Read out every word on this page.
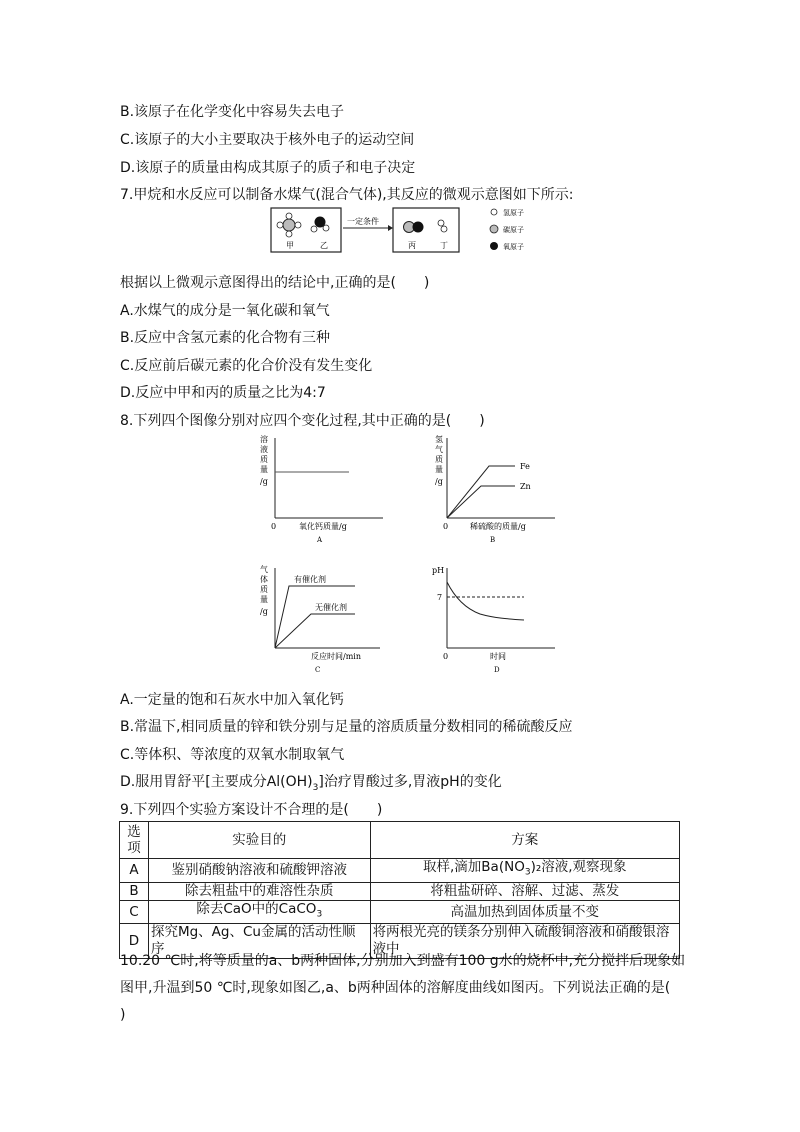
B.该原子在化学变化中容易失去电子
C.该原子的大小主要取决于核外电子的运动空间
D.该原子的质量由构成其原子的质子和电子决定
7.甲烷和水反应可以制备水煤气(混合气体),其反应的微观示意图如下所示:
甲	乙
一定条件
丙	丁
氢原子
碳原子
氧原子
根据以上微观示意图得出的结论中,正确的是(　　)
A.水煤气的成分是一氧化碳和氧气
B.反应中含氢元素的化合物有三种
C.反应前后碳元素的化合价没有发生变化
D.反应中甲和丙的质量之比为4:7
8.下列四个图像分别对应四个变化过程,其中正确的是(　　)
溶 液 质 量 /g
0	氧化钙质量/g
A
氢 气 质 量 /g
Fe
Zn
0	稀硫酸的质量/g
B
气 体 质 量 /g
有催化剂
无催化剂
反应时间/min
C
pH
7
0	时间
D
A.一定量的饱和石灰水中加入氧化钙
B.常温下,相同质量的锌和铁分别与足量的溶质质量分数相同的稀硫酸反应
C.等体积、等浓度的双氧水制取氧气
D.服用胃舒平[主要成分$Al(OH)_3$]治疗胃酸过多,胃液pH的变化
9.下列四个实验方案设计不合理的是(　　)
选项	实验目的	方案
A	鉴别硝酸钠溶液和硫酸钾溶液	取样,滴加$Ba(NO_3)_2$溶液,观察现象
B	除去粗盐中的难溶性杂质	将粗盐研碎、溶解、过滤、蒸发
C	除去CaO中的CaCO$_3$	高温加热到固体质量不变
D	探究Mg、Ag、Cu金属的活动性顺序	将两根光亮的镁条分别伸入硫酸铜溶液和硝酸银溶液中
10.20 ℃时,将等质量的a、b两种固体,分别加入到盛有100 g水的烧杯中,充分搅拌后现象如
图甲,升温到50 ℃时,现象如图乙,a、b两种固体的溶解度曲线如图丙。下列说法正确的是(
)
